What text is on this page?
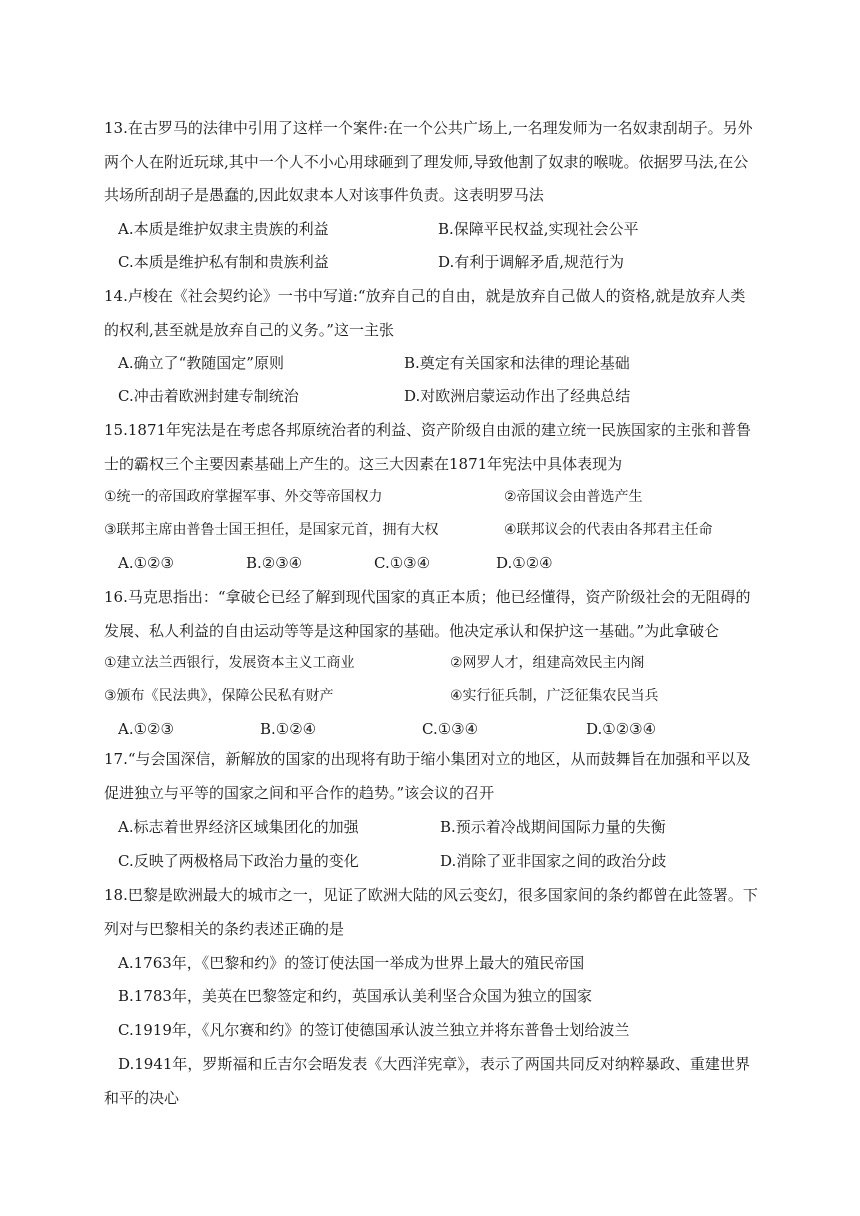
13.在古罗马的法律中引用了这样一个案件:在一个公共广场上,一名理发师为一名奴隶刮胡子。另外两个人在附近玩球,其中一个人不小心用球砸到了理发师,导致他割了奴隶的喉咙。依据罗马法,在公共场所刮胡子是愚蠢的,因此奴隶本人对该事件负责。这表明罗马法

A.本质是维护奴隶主贵族的利益	B.保障平民权益,实现社会公平
C.本质是维护私有制和贵族利益	D.有利于调解矛盾,规范行为

14.卢梭在《社会契约论》一书中写道:“放弃自己的自由，就是放弃自己做人的资格,就是放弃人类的权利,甚至就是放弃自己的义务。”这一主张

A.确立了“教随国定”原则	B.奠定有关国家和法律的理论基础
C.冲击着欧洲封建专制统治	D.对欧洲启蒙运动作出了经典总结

15.1871年宪法是在考虑各邦原统治者的利益、资产阶级自由派的建立统一民族国家的主张和普鲁士的霸权三个主要因素基础上产生的。这三大因素在1871年宪法中具体表现为

①统一的帝国政府掌握军事、外交等帝国权力	②帝国议会由普选产生
③联邦主席由普鲁士国王担任，是国家元首，拥有大权	④联邦议会的代表由各邦君主任命
A.①②③	B.②③④	C.①③④	D.①②④

16.马克思指出：“拿破仑已经了解到现代国家的真正本质；他已经懂得，资产阶级社会的无阻碍的发展、私人利益的自由运动等等是这种国家的基础。他决定承认和保护这一基础。”为此拿破仑

①建立法兰西银行，发展资本主义工商业	②网罗人才，组建高效民主内阁
③颁布《民法典》，保障公民私有财产	④实行征兵制，广泛征集农民当兵
A.①②③	B.①②④	C.①③④	D.①②③④

17.“与会国深信，新解放的国家的出现将有助于缩小集团对立的地区，从而鼓舞旨在加强和平以及促进独立与平等的国家之间和平合作的趋势。”该会议的召开

A.标志着世界经济区域集团化的加强	B.预示着冷战期间国际力量的失衡
C.反映了两极格局下政治力量的变化	D.消除了亚非国家之间的政治分歧

18.巴黎是欧洲最大的城市之一，见证了欧洲大陆的风云变幻，很多国家间的条约都曾在此签署。下列对与巴黎相关的条约表述正确的是

A.1763年，《巴黎和约》的签订使法国一举成为世界上最大的殖民帝国
B.1783年，美英在巴黎签定和约，英国承认美利坚合众国为独立的国家
C.1919年，《凡尔赛和约》的签订使德国承认波兰独立并将东普鲁士划给波兰

D.1941年，罗斯福和丘吉尔会晤发表《大西洋宪章》，表示了两国共同反对纳粹暴政、重建世界和平的决心
